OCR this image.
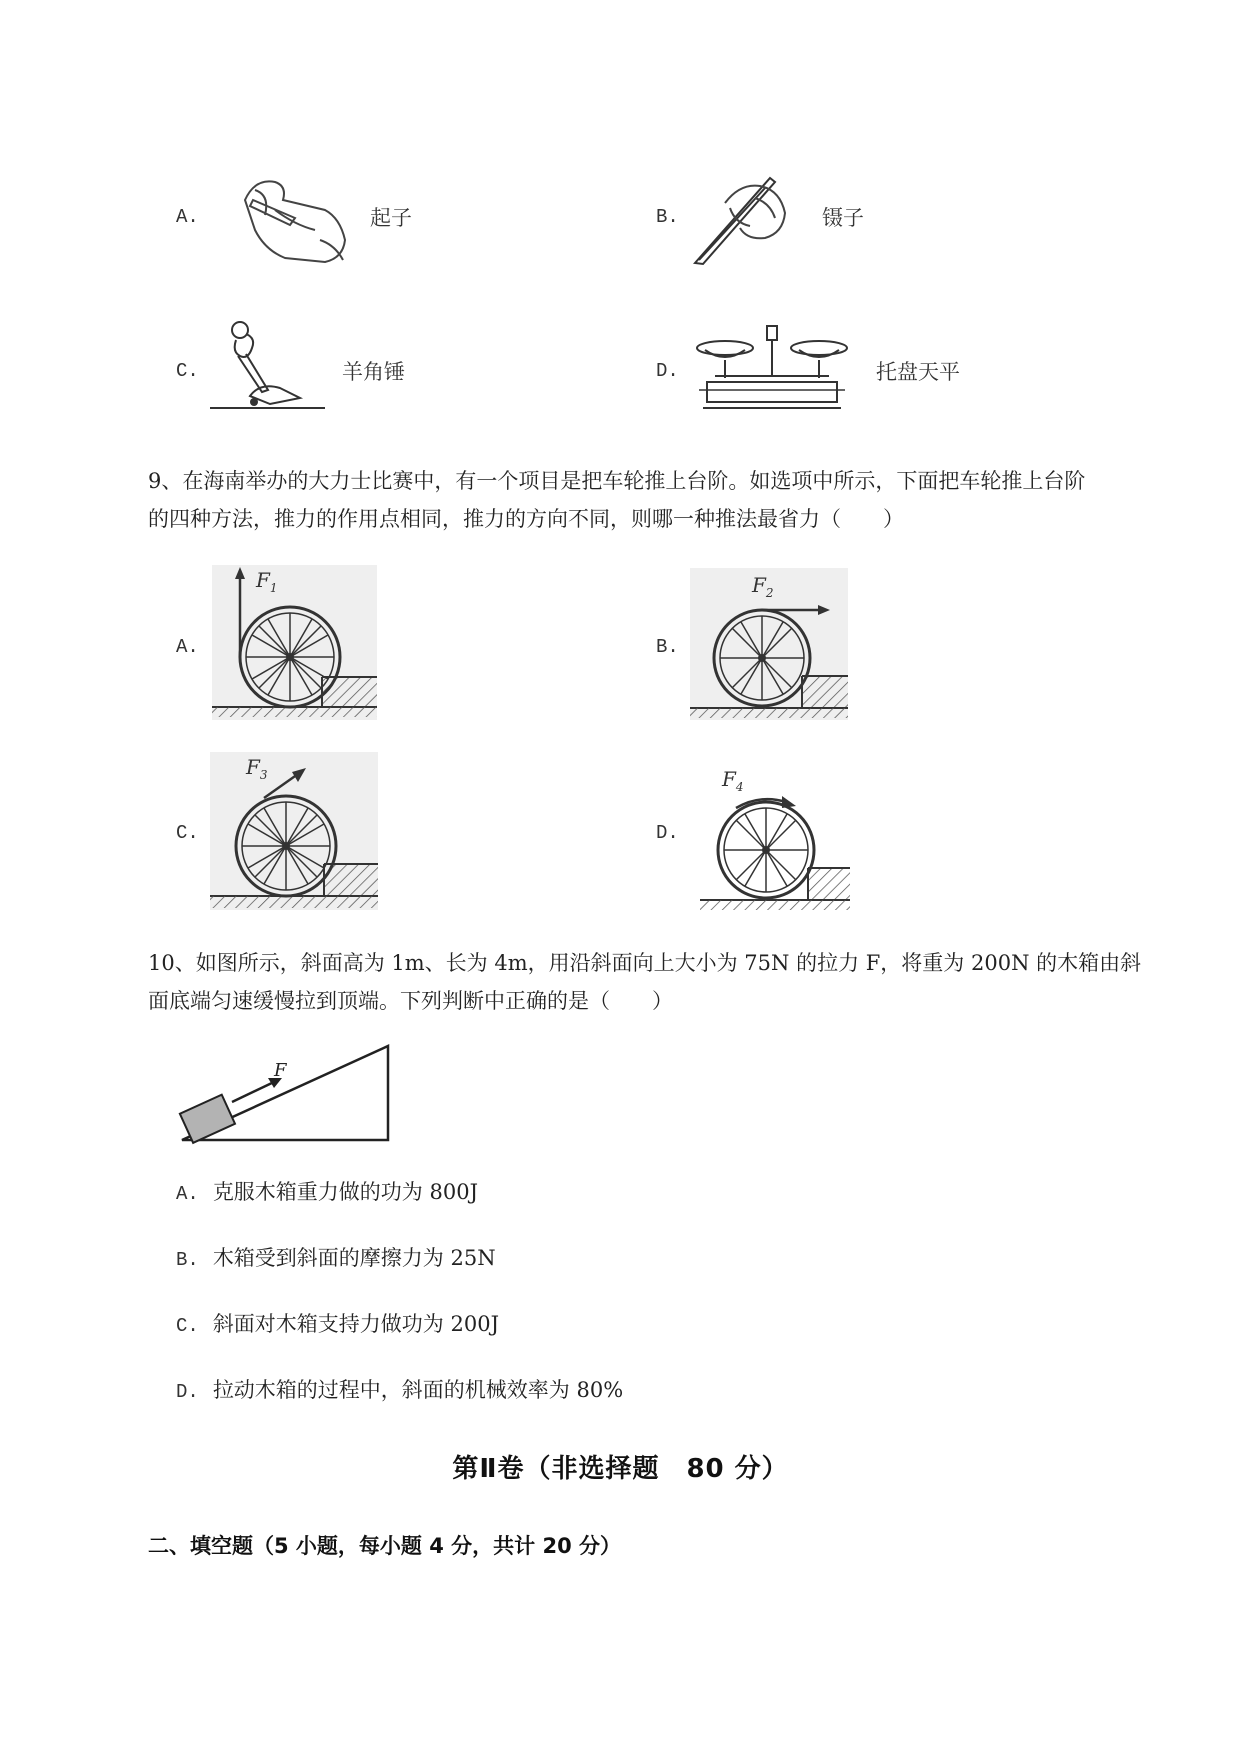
A.	起子	B.	镊子
C.	羊角锤	D.	托盘天平
9、在海南举办的大力士比赛中，有一个项目是把车轮推上台阶。如选项中所示，下面把车轮推上台阶
的四种方法，推力的作用点相同，推力的方向不同，则哪一种推法最省力（　　）
A.
$F_1$
B.
$F_2$
C.
$F_3$
D.
$F_4$
10、如图所示，斜面高为 1m、长为 4m，用沿斜面向上大小为 75N 的拉力 F，将重为 200N 的木箱由斜
面底端匀速缓慢拉到顶端。下列判断中正确的是（　　）
F
A. 克服木箱重力做的功为 800J
B. 木箱受到斜面的摩擦力为 25N
C. 斜面对木箱支持力做功为 200J
D. 拉动木箱的过程中，斜面的机械效率为 80%
第Ⅱ卷（非选择题　80 分）
二、填空题（5 小题，每小题 4 分，共计 20 分）
